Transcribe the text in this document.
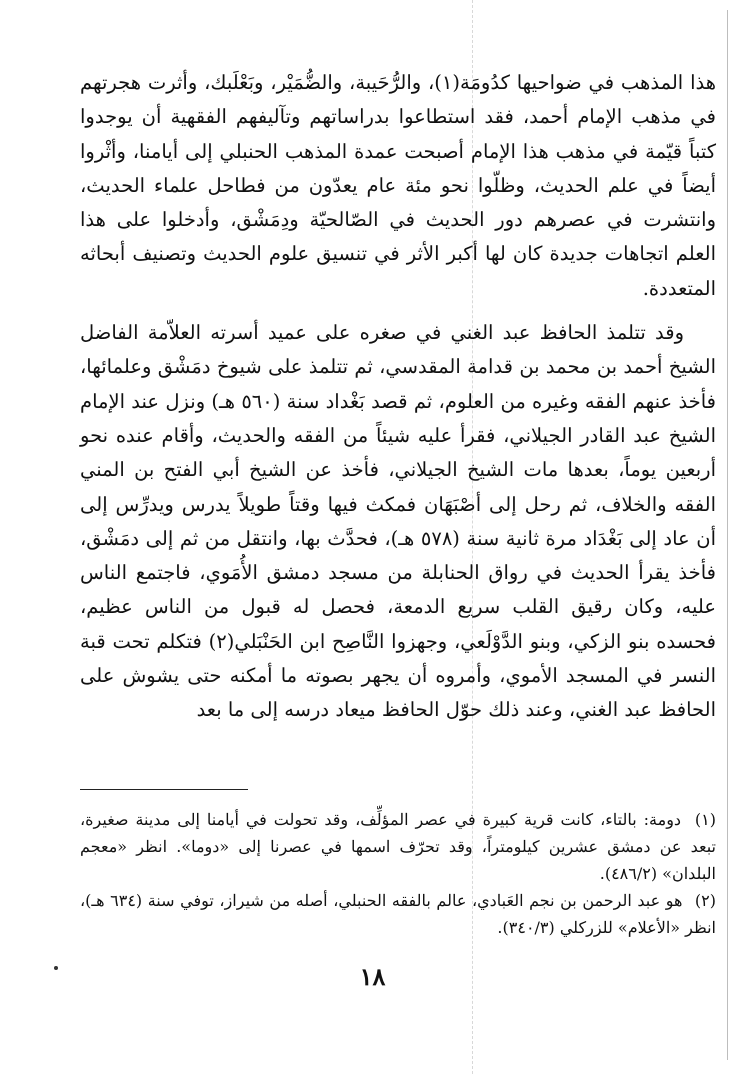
هذا المذهب في ضواحيها كدُومَة(١)، والرُّحَيبة، والضُّمَيْر، وبَعْلَبك، وأثرت هجرتهم في مذهب الإمام أحمد، فقد استطاعوا بدراساتهم وتآليفهم الفقهية أن يوجدوا كتباً قيّمة في مذهب هذا الإمام أصبحت عمدة المذهب الحنبلي إلى أيامنا، وأثْروا أيضاً في علم الحديث، وظلّوا نحو مئة عام يعدّون من فطاحل علماء الحديث، وانتشرت في عصرهم دور الحديث في الصّالحيّة ودِمَشْق، وأدخلوا على هذا العلم اتجاهات جديدة كان لها أكبر الأثر في تنسيق علوم الحديث وتصنيف أبحاثه المتعددة.

وقد تتلمذ الحافظ عبد الغني في صغره على عميد أسرته العلاّمة الفاضل الشيخ أحمد بن محمد بن قدامة المقدسي، ثم تتلمذ على شيوخ دمَشْق وعلمائها، فأخذ عنهم الفقه وغيره من العلوم، ثم قصد بَغْداد سنة (٥٦٠ هـ) ونزل عند الإمام الشيخ عبد القادر الجيلاني، فقرأ عليه شيئاً من الفقه والحديث، وأقام عنده نحو أربعين يوماً، بعدها مات الشيخ الجيلاني، فأخذ عن الشيخ أبي الفتح بن المني الفقه والخلاف، ثم رحل إلى أصْبَهَان فمكث فيها وقتاً طويلاً يدرس ويدرِّس إلى أن عاد إلى بَغْدَاد مرة ثانية سنة (٥٧٨ هـ)، فحدَّث بها، وانتقل من ثم إلى دمَشْق، فأخذ يقرأ الحديث في رواق الحنابلة من مسجد دمشق الأُمَوي، فاجتمع الناس عليه، وكان رقيق القلب سريع الدمعة، فحصل له قبول من الناس عظيم، فحسده بنو الزكي، وبنو الدَّوْلَعي، وجهزوا النَّاصِح ابن الحَنْبَلي(٢) فتكلم تحت قبة النسر في المسجد الأموي، وأمروه أن يجهر بصوته ما أمكنه حتى يشوش على الحافظ عبد الغني، وعند ذلك حوّل الحافظ ميعاد درسه إلى ما بعد

(١) دومة: بالتاء، كانت قرية كبيرة في عصر المؤلِّف، وقد تحولت في أيامنا إلى مدينة صغيرة، تبعد عن دمشق عشرين كيلومتراً، وقد تحرّف اسمها في عصرنا إلى «دوما». انظر «معجم البلدان» (٤٨٦/٢).

(٢) هو عبد الرحمن بن نجم العَبادي، عالم بالفقه الحنبلي، أصله من شيراز، توفي سنة (٦٣٤ هـ)، انظر «الأعلام» للزركلي (٣٤٠/٣).

١٨
